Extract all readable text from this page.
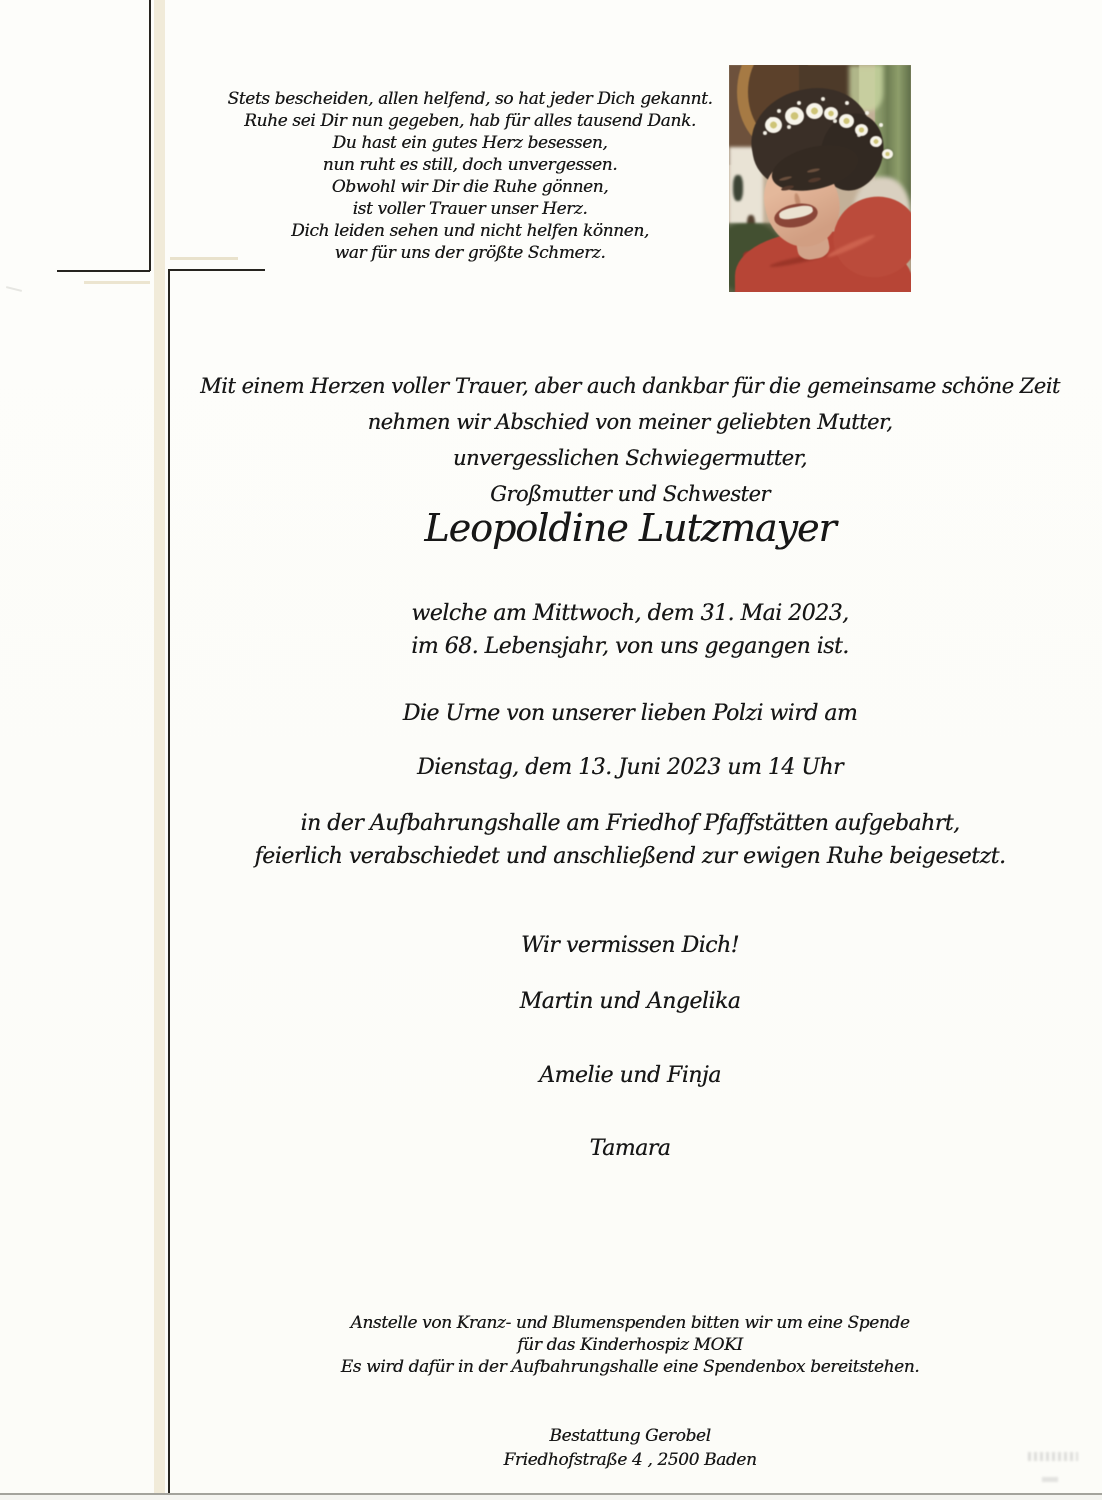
Stets bescheiden, allen helfend, so hat jeder Dich gekannt.
Ruhe sei Dir nun gegeben, hab für alles tausend Dank.
Du hast ein gutes Herz besessen,
nun ruht es still, doch unvergessen.
Obwohl wir Dir die Ruhe gönnen,
ist voller Trauer unser Herz.
Dich leiden sehen und nicht helfen können,
war für uns der größte Schmerz.
Mit einem Herzen voller Trauer, aber auch dankbar für die gemeinsame schöne Zeit
nehmen wir Abschied von meiner geliebten Mutter,
unvergesslichen Schwiegermutter,
Großmutter und Schwester
Leopoldine Lutzmayer
welche am Mittwoch, dem 31. Mai 2023,
im 68. Lebensjahr, von uns gegangen ist.
Die Urne von unserer lieben Polzi wird am
Dienstag, dem 13. Juni 2023 um 14 Uhr
in der Aufbahrungshalle am Friedhof Pfaffstätten aufgebahrt,
feierlich verabschiedet und anschließend zur ewigen Ruhe beigesetzt.
Wir vermissen Dich!
Martin und Angelika
Amelie und Finja
Tamara
Anstelle von Kranz- und Blumenspenden bitten wir um eine Spende
für das Kinderhospiz MOKI
Es wird dafür in der Aufbahrungshalle eine Spendenbox bereitstehen.
Bestattung Gerobel
Friedhofstraße 4 , 2500 Baden
